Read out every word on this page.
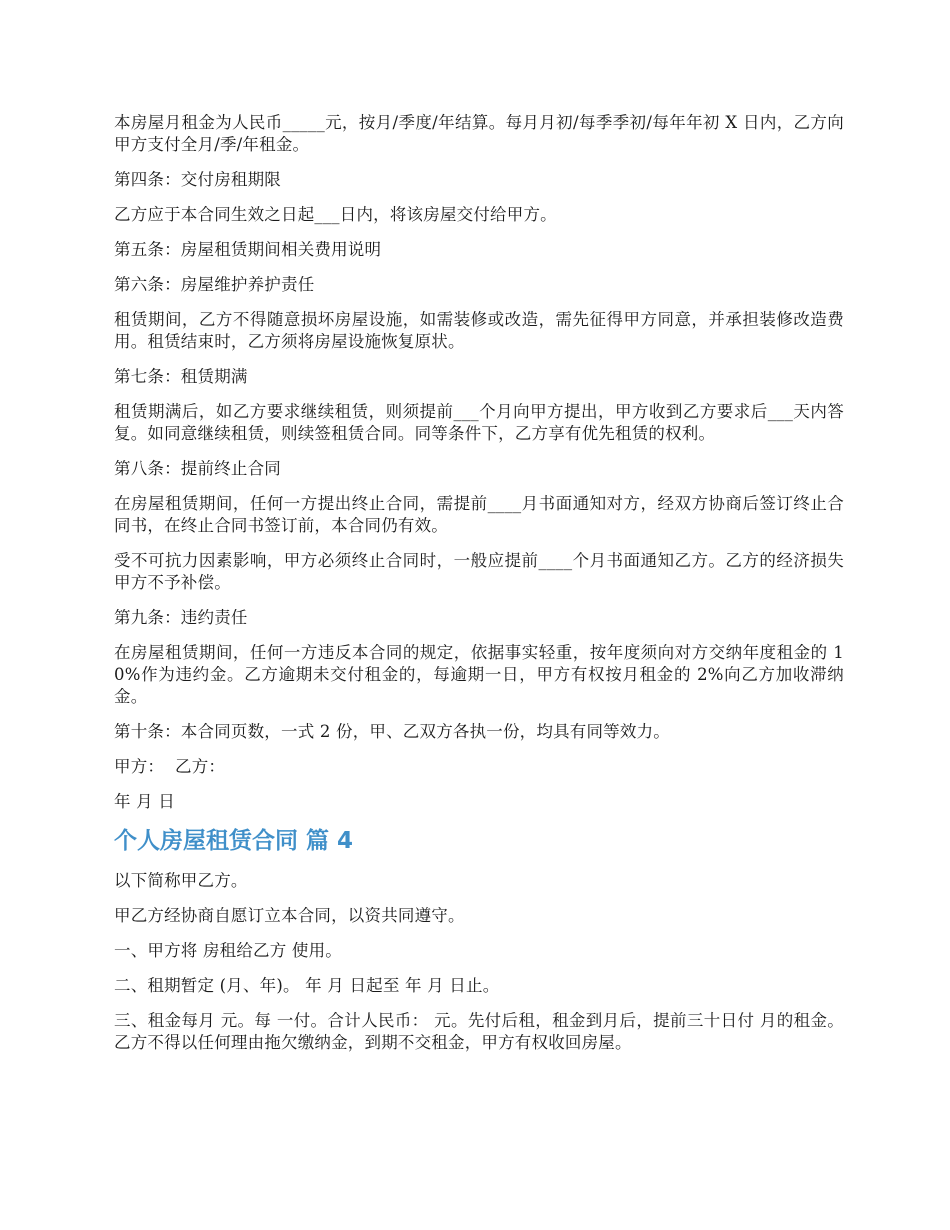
本房屋月租金为人民币_____元，按月/季度/年结算。每月月初/每季季初/每年年初 X 日内，乙方向甲方支付全月/季/年租金。

第四条：交付房租期限

乙方应于本合同生效之日起___日内，将该房屋交付给甲方。

第五条：房屋租赁期间相关费用说明

第六条：房屋维护养护责任

租赁期间，乙方不得随意损坏房屋设施，如需装修或改造，需先征得甲方同意，并承担装修改造费用。租赁结束时，乙方须将房屋设施恢复原状。

第七条：租赁期满

租赁期满后，如乙方要求继续租赁，则须提前___个月向甲方提出，甲方收到乙方要求后___天内答复。如同意继续租赁，则续签租赁合同。同等条件下，乙方享有优先租赁的权利。

第八条：提前终止合同

在房屋租赁期间，任何一方提出终止合同，需提前____月书面通知对方，经双方协商后签订终止合同书，在终止合同书签订前，本合同仍有效。

受不可抗力因素影响，甲方必须终止合同时，一般应提前____个月书面通知乙方。乙方的经济损失甲方不予补偿。

第九条：违约责任

在房屋租赁期间，任何一方违反本合同的规定，依据事实轻重，按年度须向对方交纳年度租金的 10%作为违约金。乙方逾期未交付租金的，每逾期一日，甲方有权按月租金的 2%向乙方加收滞纳金。

第十条：本合同页数，一式 2 份，甲、乙双方各执一份，均具有同等效力。

甲方：  乙方：

年 月 日

个人房屋租赁合同 篇 4

以下简称甲乙方。

甲乙方经协商自愿订立本合同，以资共同遵守。

一、甲方将 房租给乙方 使用。

二、租期暂定 (月、年)。 年 月 日起至 年 月 日止。

三、租金每月 元。每 一付。合计人民币： 元。先付后租，租金到月后，提前三十日付 月的租金。乙方不得以任何理由拖欠缴纳金，到期不交租金，甲方有权收回房屋。
